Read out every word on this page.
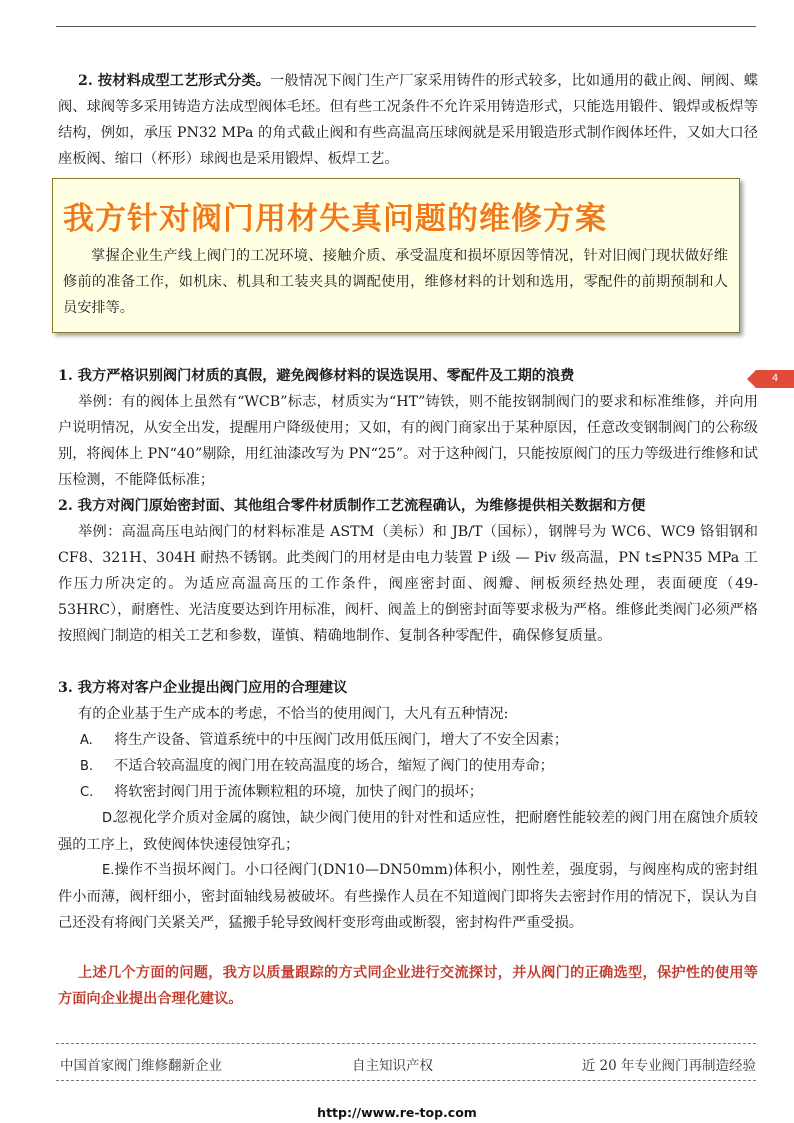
2. 按材料成型工艺形式分类。一般情况下阀门生产厂家采用铸件的形式较多，比如通用的截止阀、闸阀、蝶阀、球阀等多采用铸造方法成型阀体毛坯。但有些工况条件不允许采用铸造形式，只能选用锻件、锻焊或板焊等结构，例如，承压 PN32 MPa 的角式截止阀和有些高温高压球阀就是采用锻造形式制作阀体坯件，又如大口径座板阀、缩口（杯形）球阀也是采用锻焊、板焊工艺。

我方针对阀门用材失真问题的维修方案

掌握企业生产线上阀门的工况环境、接触介质、承受温度和损坏原因等情况，针对旧阀门现状做好维修前的准备工作，如机床、机具和工装夹具的调配使用，维修材料的计划和选用，零配件的前期预制和人员安排等。

4

1. 我方严格识别阀门材质的真假，避免阀修材料的误选误用、零配件及工期的浪费

举例：有的阀体上虽然有“WCB”标志，材质实为“HT”铸铁，则不能按钢制阀门的要求和标准维修，并向用户说明情况，从安全出发，提醒用户降级使用；又如，有的阀门商家出于某种原因，任意改变钢制阀门的公称级别，将阀体上 PN“40”剔除，用红油漆改写为 PN“25”。对于这种阀门，只能按原阀门的压力等级进行维修和试压检测，不能降低标准；

2. 我方对阀门原始密封面、其他组合零件材质制作工艺流程确认，为维修提供相关数据和方便

举例：高温高压电站阀门的材料标准是 ASTM（美标）和 JB/T（国标），钢牌号为 WC6、WC9 铬钼钢和 CF8、321H、304H 耐热不锈钢。此类阀门的用材是由电力装置 P ⅰ级 — Piv 级高温，PN t≤PN35 MPa 工作压力所决定的。为适应高温高压的工作条件，阀座密封面、阀瓣、闸板须经热处理，表面硬度（49-53HRC），耐磨性、光洁度要达到许用标准，阀杆、阀盖上的倒密封面等要求极为严格。维修此类阀门必须严格按照阀门制造的相关工艺和参数，谨慎、精确地制作、复制各种零配件，确保修复质量。

3. 我方将对客户企业提出阀门应用的合理建议

有的企业基于生产成本的考虑，不恰当的使用阀门，大凡有五种情况:

A. 将生产设备、管道系统中的中压阀门改用低压阀门，增大了不安全因素；

B. 不适合较高温度的阀门用在较高温度的场合，缩短了阀门的使用寿命；

C. 将软密封阀门用于流体颗粒粗的环境，加快了阀门的损坏；

D.忽视化学介质对金属的腐蚀，缺少阀门使用的针对性和适应性，把耐磨性能较差的阀门用在腐蚀介质较强的工序上，致使阀体快速侵蚀穿孔；

E.操作不当损坏阀门。小口径阀门(DN10—DN50mm)体积小，刚性差，强度弱，与阀座构成的密封组件小而薄，阀杆细小，密封面轴线易被破坏。有些操作人员在不知道阀门即将失去密封作用的情况下，误认为自己还没有将阀门关紧关严，猛搬手轮导致阀杆变形弯曲或断裂，密封构件严重受损。

上述几个方面的问题，我方以质量跟踪的方式同企业进行交流探讨，并从阀门的正确选型，保护性的使用等方面向企业提出合理化建议。

中国首家阀门维修翻新企业	自主知识产权	近 20 年专业阀门再制造经验
http://www.re-top.com
